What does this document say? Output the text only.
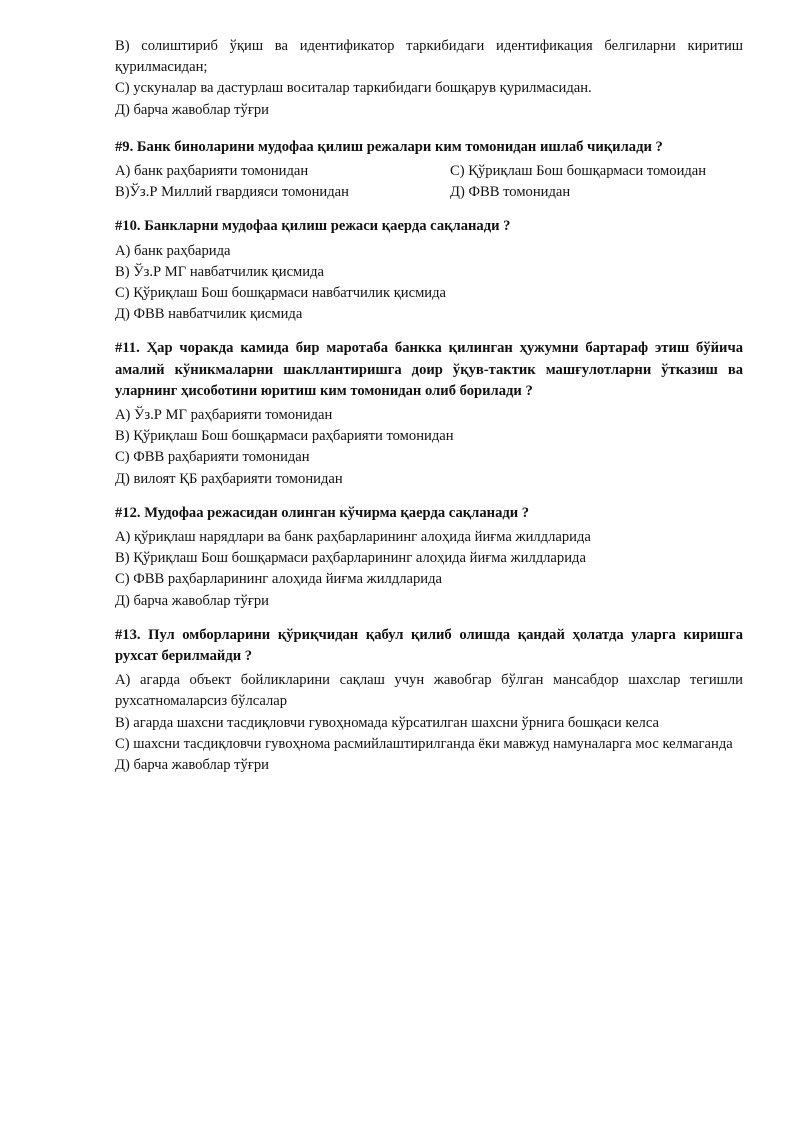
B) солиштириб ўқиш ва идентификатор таркибидаги идентификация белгиларни киритиш қурилмасидан;
C) ускуналар ва дастурлаш воситалар таркибидаги бошқарув қурилмасидан.
Д) барча жавоблар тўғри
#9. Банк биноларини мудофаа қилиш режалари ким томонидан ишлаб чиқилади ?
A) банк раҳбарияти томонидан	C) Қўриқлаш Бош бошқармаси томоидан
B)Ўз.Р Миллий гвардияси томонидан	Д) ФВВ томонидан
#10. Банкларни мудофаа қилиш режаси қаерда сақланади ?
A) банк раҳбарида
B) Ўз.Р МГ навбатчилик қисмида
C) Қўриқлаш Бош бошқармаси навбатчилик қисмида
Д) ФВВ навбатчилик қисмида
#11. Ҳар чоракда камида бир маротаба банкка қилинган ҳужумни бартараф этиш бўйича амалий кўникмаларни шакллантиришга доир ўқув-тактик машғулотларни ўтказиш ва уларнинг ҳисоботини юритиш ким томонидан олиб борилади ?
A) Ўз.Р МГ раҳбарияти томонидан
B) Қўриқлаш Бош бошқармаси раҳбарияти томонидан
C) ФВВ раҳбарияти томонидан
Д) вилоят ҚБ раҳбарияти томонидан
#12. Мудофаа режасидан олинган кўчирма қаерда сақланади ?
A) қўриқлаш нарядлари ва банк раҳбарларининг алоҳида йиғма жилдларида
B) Қўриқлаш Бош бошқармаси раҳбарларининг алоҳида йиғма жилдларида
C) ФВВ раҳбарларининг алоҳида йиғма жилдларида
Д) барча жавоблар тўғри
#13. Пул омборларини қўриқчидан қабул қилиб олишда қандай ҳолатда уларга киришга рухсат берилмайди ?
A) агарда объект бойликларини сақлаш учун жавобгар бўлган мансабдор шахслар тегишли рухсатномаларсиз бўлсалар
B) агарда шахсни тасдиқловчи гувоҳномада кўрсатилган шахсни ўрнига бошқаси келса
C) шахсни тасдиқловчи гувоҳнома расмийлаштирилганда ёки мавжуд намуналарга мос келмаганда
Д) барча жавоблар тўғри
